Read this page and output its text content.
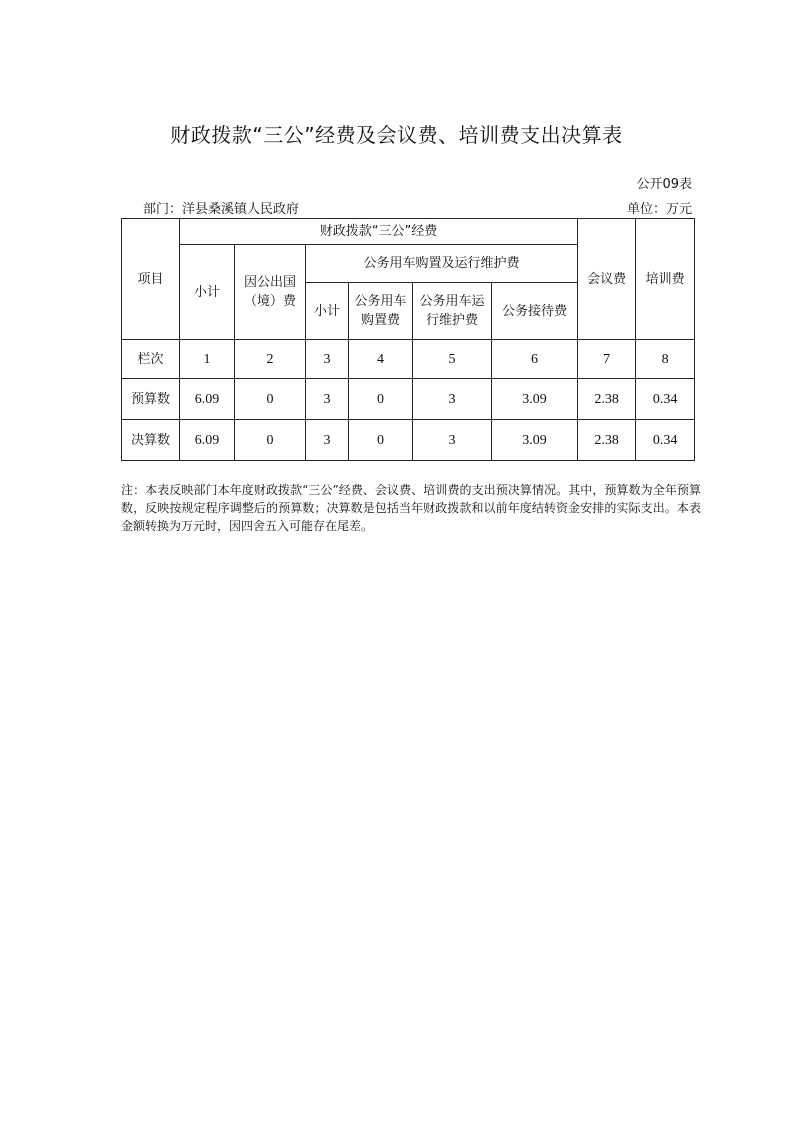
财政拨款“三公”经费及会议费、培训费支出决算表
公开09表
部门：洋县桑溪镇人民政府	单位：万元
项目	财政拨款“三公”经费						会议费	培训费
	小计	因公出国（境）费	公务用车购置及运行维护费					
			小计	公务用车购置费	公务用车运行维护费	公务接待费		
栏次	1	2	3	4	5	6	7	8
预算数	6.09	0	3	0	3	3.09	2.38	0.34
决算数	6.09	0	3	0	3	3.09	2.38	0.34
注：本表反映部门本年度财政拨款“三公”经费、会议费、培训费的支出预决算情况。其中，预算数为全年预算数，反映按规定程序调整后的预算数；决算数是包括当年财政拨款和以前年度结转资金安排的实际支出。本表金额转换为万元时，因四舍五入可能存在尾差。
